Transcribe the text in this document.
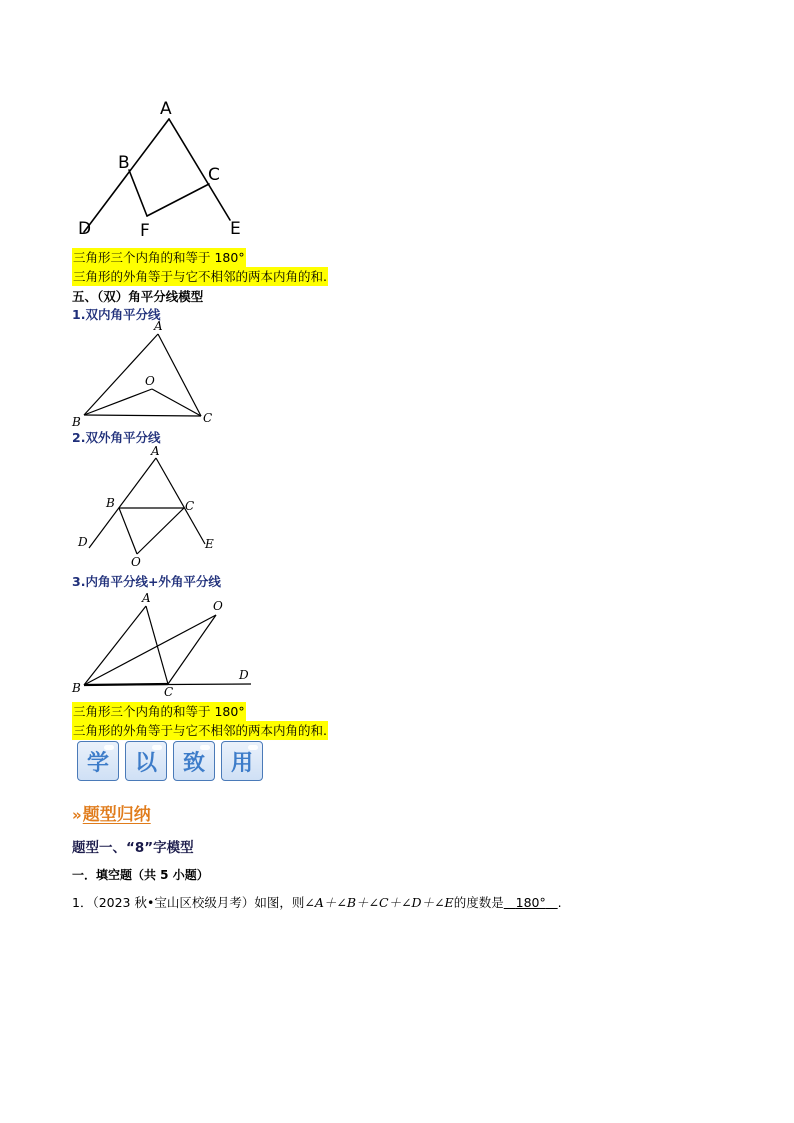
A
B
C
D	E
F
三角形三个内角的和等于 180°
三角形的外角等于与它不相邻的两本内角的和.
五、（双）角平分线模型
1.双内角平分线
A
B	C
O
2.双外角平分线
A
B	C
D	E
O
3.内角平分线+外角平分线
A
B	C
D
O
三角形三个内角的和等于 180°
三角形的外角等于与它不相邻的两本内角的和.
学	以	致	用
» 题型归纳
题型一、“8”字模型
一．填空题（共 5 小题）
1．（2023 秋•宝山区校级月考）如图，则∠A＋∠B＋∠C＋∠D＋∠E的度数是 180° .
